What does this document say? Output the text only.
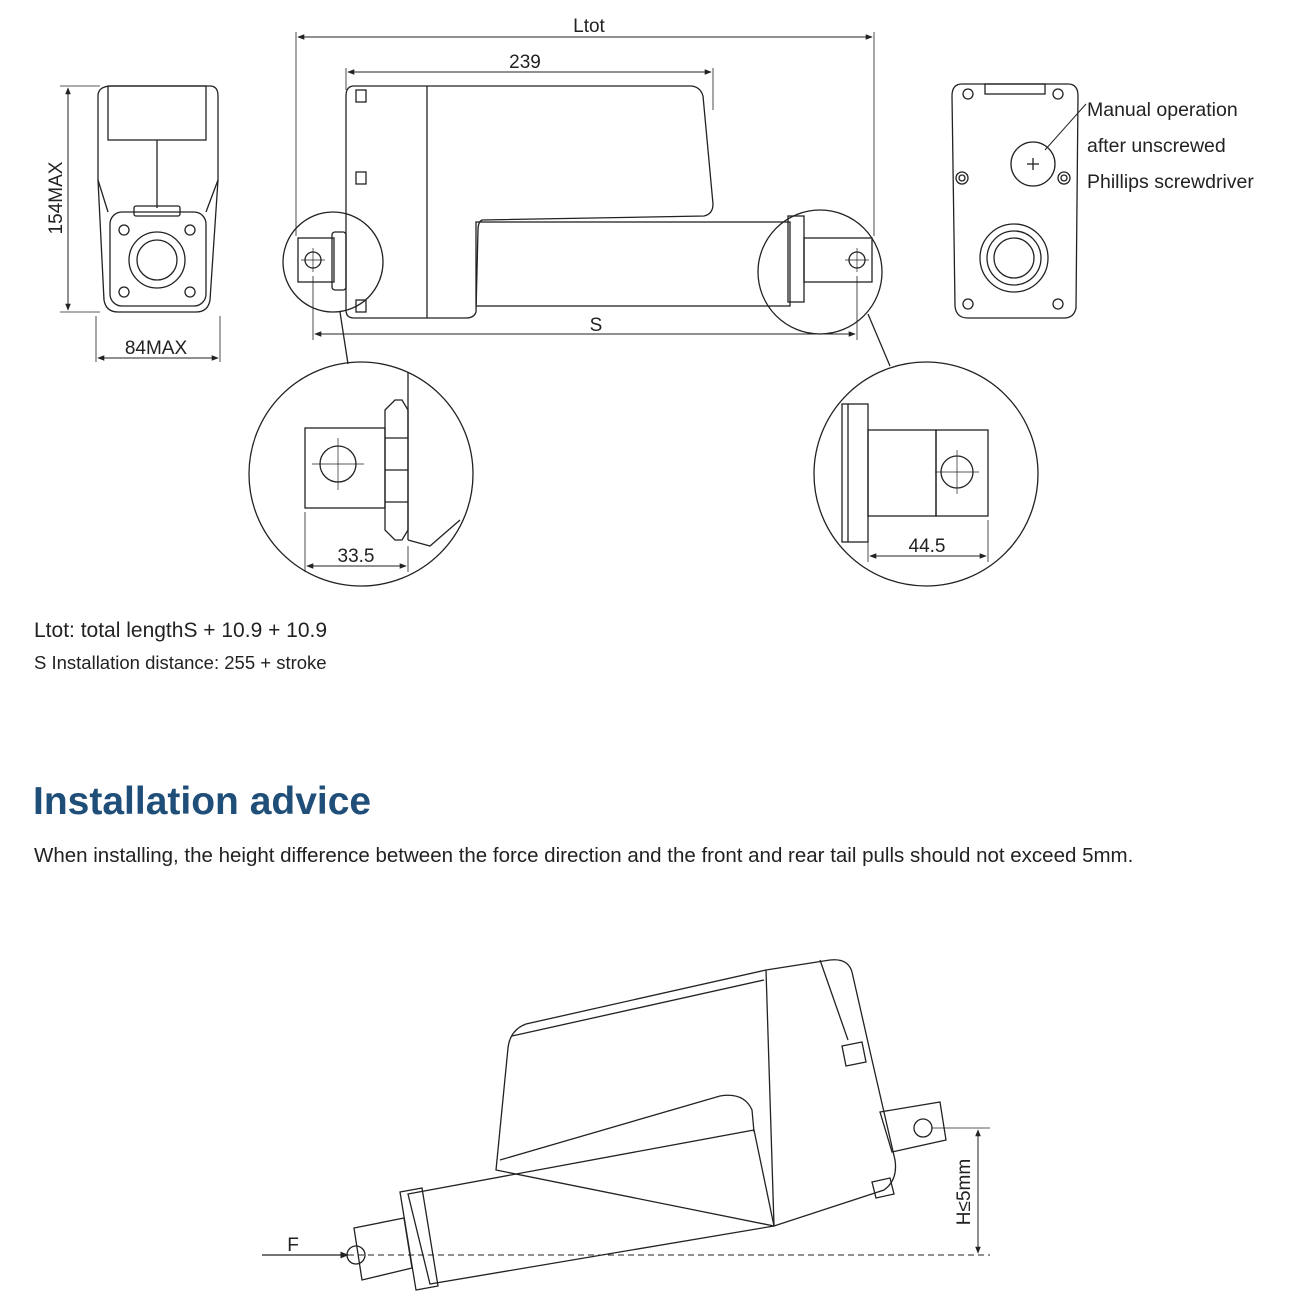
Ltot
239
154MAX
84MAX
S
33.5	44.5
F
H≤5mm
Manual operation
after unscrewed
Phillips screwdriver
Ltot: total lengthS + 10.9 + 10.9
S Installation distance: 255 + stroke
Installation advice

When installing, the height difference between the force direction and the front and rear tail pulls should not exceed 5mm.
